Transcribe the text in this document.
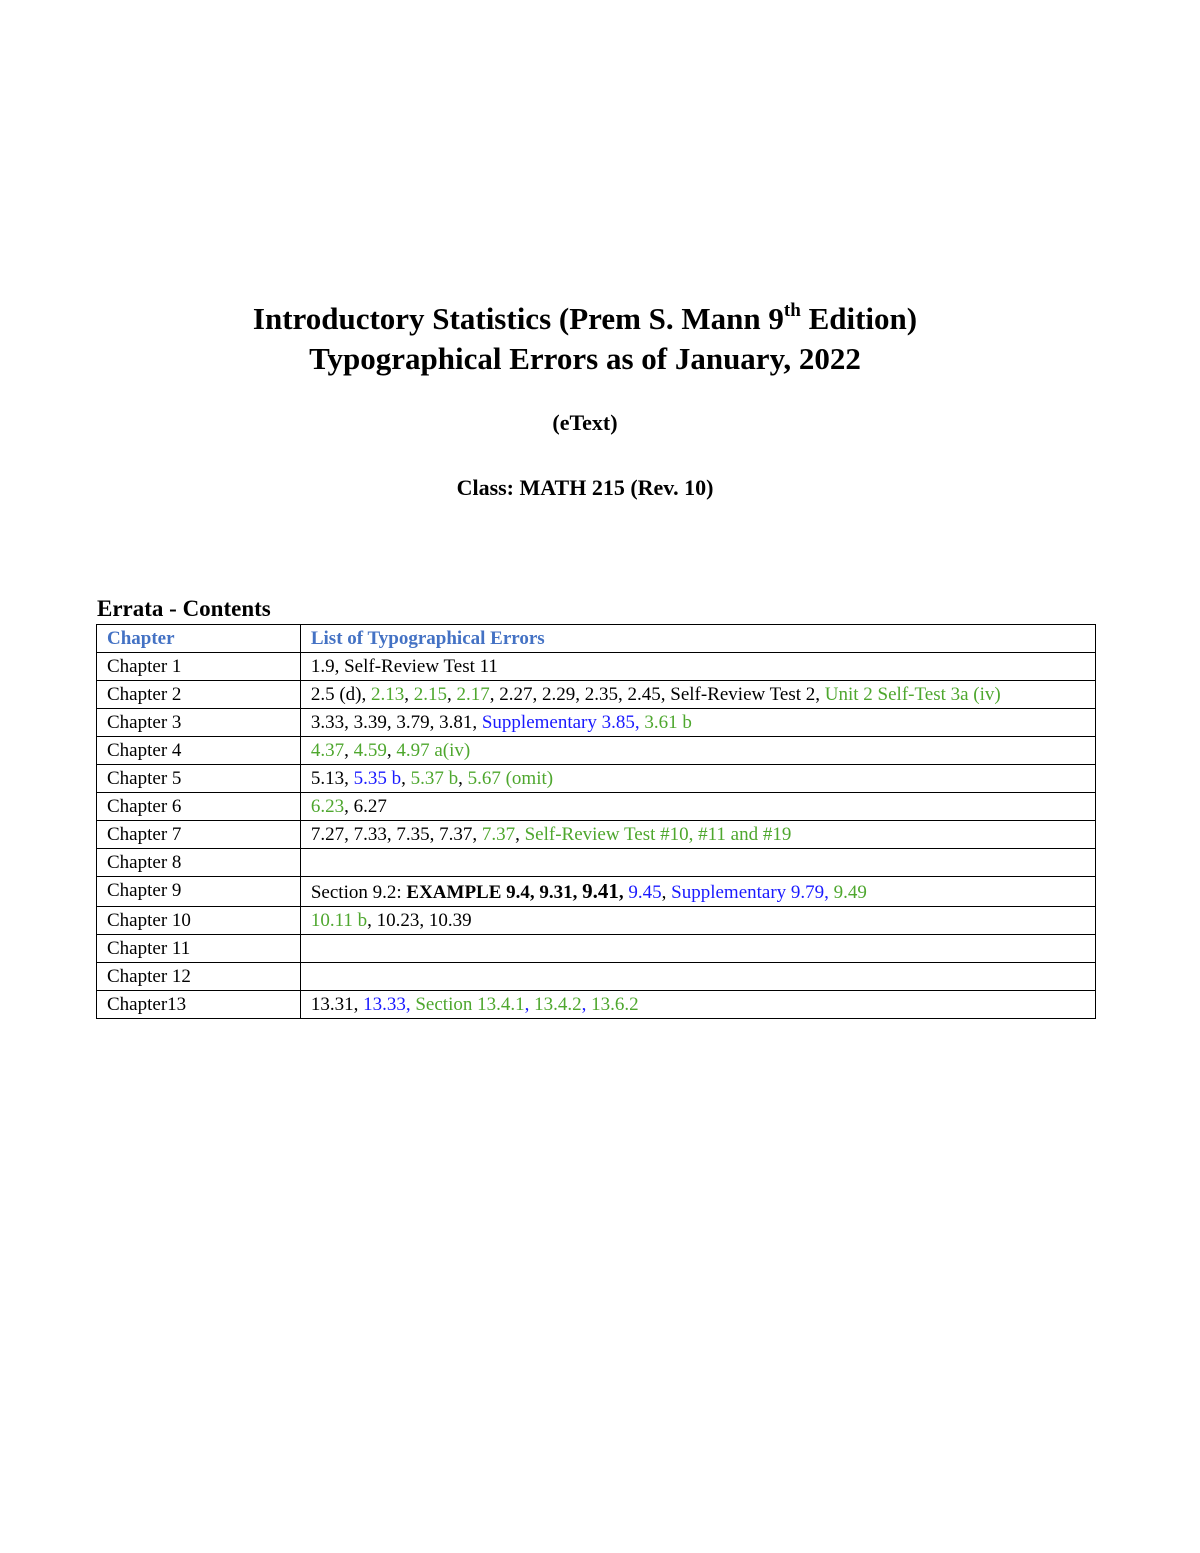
Introductory Statistics (Prem S. Mann 9th Edition)
Typographical Errors as of January, 2022
(eText)
Class: MATH 215 (Rev. 10)
Errata - Contents
Chapter	List of Typographical Errors
Chapter 1	1.9, Self-Review Test 11
Chapter 2	2.5 (d), 2.13, 2.15, 2.17, 2.27, 2.29, 2.35, 2.45, Self-Review Test 2, Unit 2 Self-Test 3a (iv)
Chapter 3	3.33, 3.39, 3.79, 3.81, Supplementary 3.85, 3.61 b
Chapter 4	4.37, 4.59, 4.97 a(iv)
Chapter 5	5.13, 5.35 b, 5.37 b, 5.67 (omit)
Chapter 6	6.23, 6.27
Chapter 7	7.27, 7.33, 7.35, 7.37, 7.37, Self-Review Test #10, #11 and #19
Chapter 8	
Chapter 9	Section 9.2: EXAMPLE 9.4, 9.31, 9.41, 9.45, Supplementary 9.79, 9.49
Chapter 10	10.11 b, 10.23, 10.39
Chapter 11	
Chapter 12	
Chapter13	13.31, 13.33, Section 13.4.1, 13.4.2, 13.6.2
